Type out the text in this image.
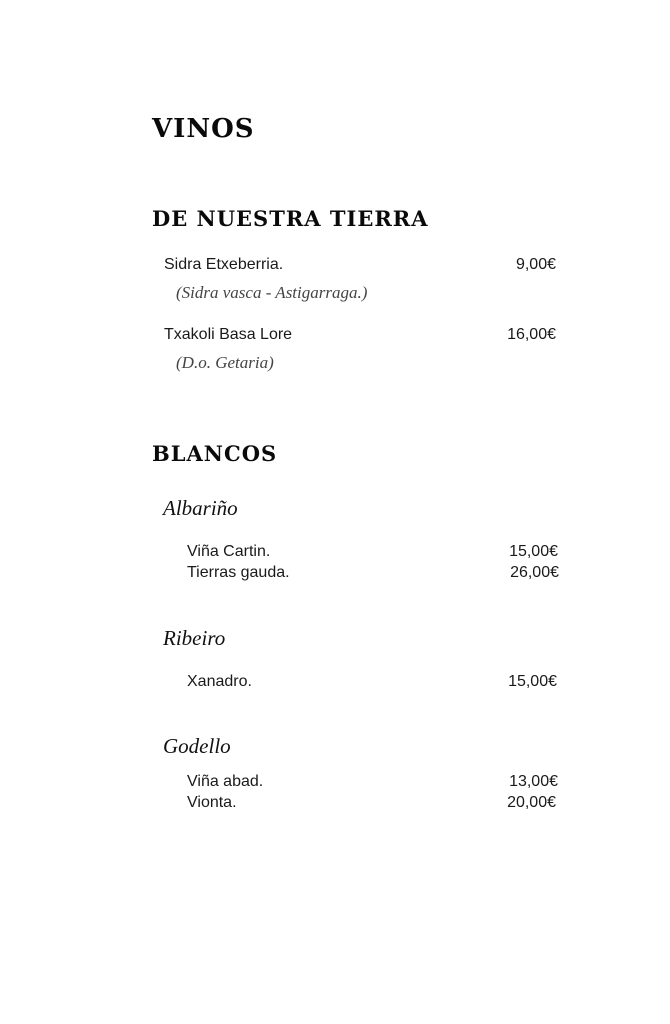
VINOS
DE NUESTRA TIERRA
Sidra Etxeberria.	9,00€
(Sidra vasca - Astigarraga.)
Txakoli Basa Lore	16,00€
(D.o. Getaria)
BLANCOS
Albariño
Viña Cartin.	15,00€
Tierras gauda.	26,00€
Ribeiro
Xanadro.	15,00€
Godello
Viña abad.	13,00€
Vionta.	20,00€
